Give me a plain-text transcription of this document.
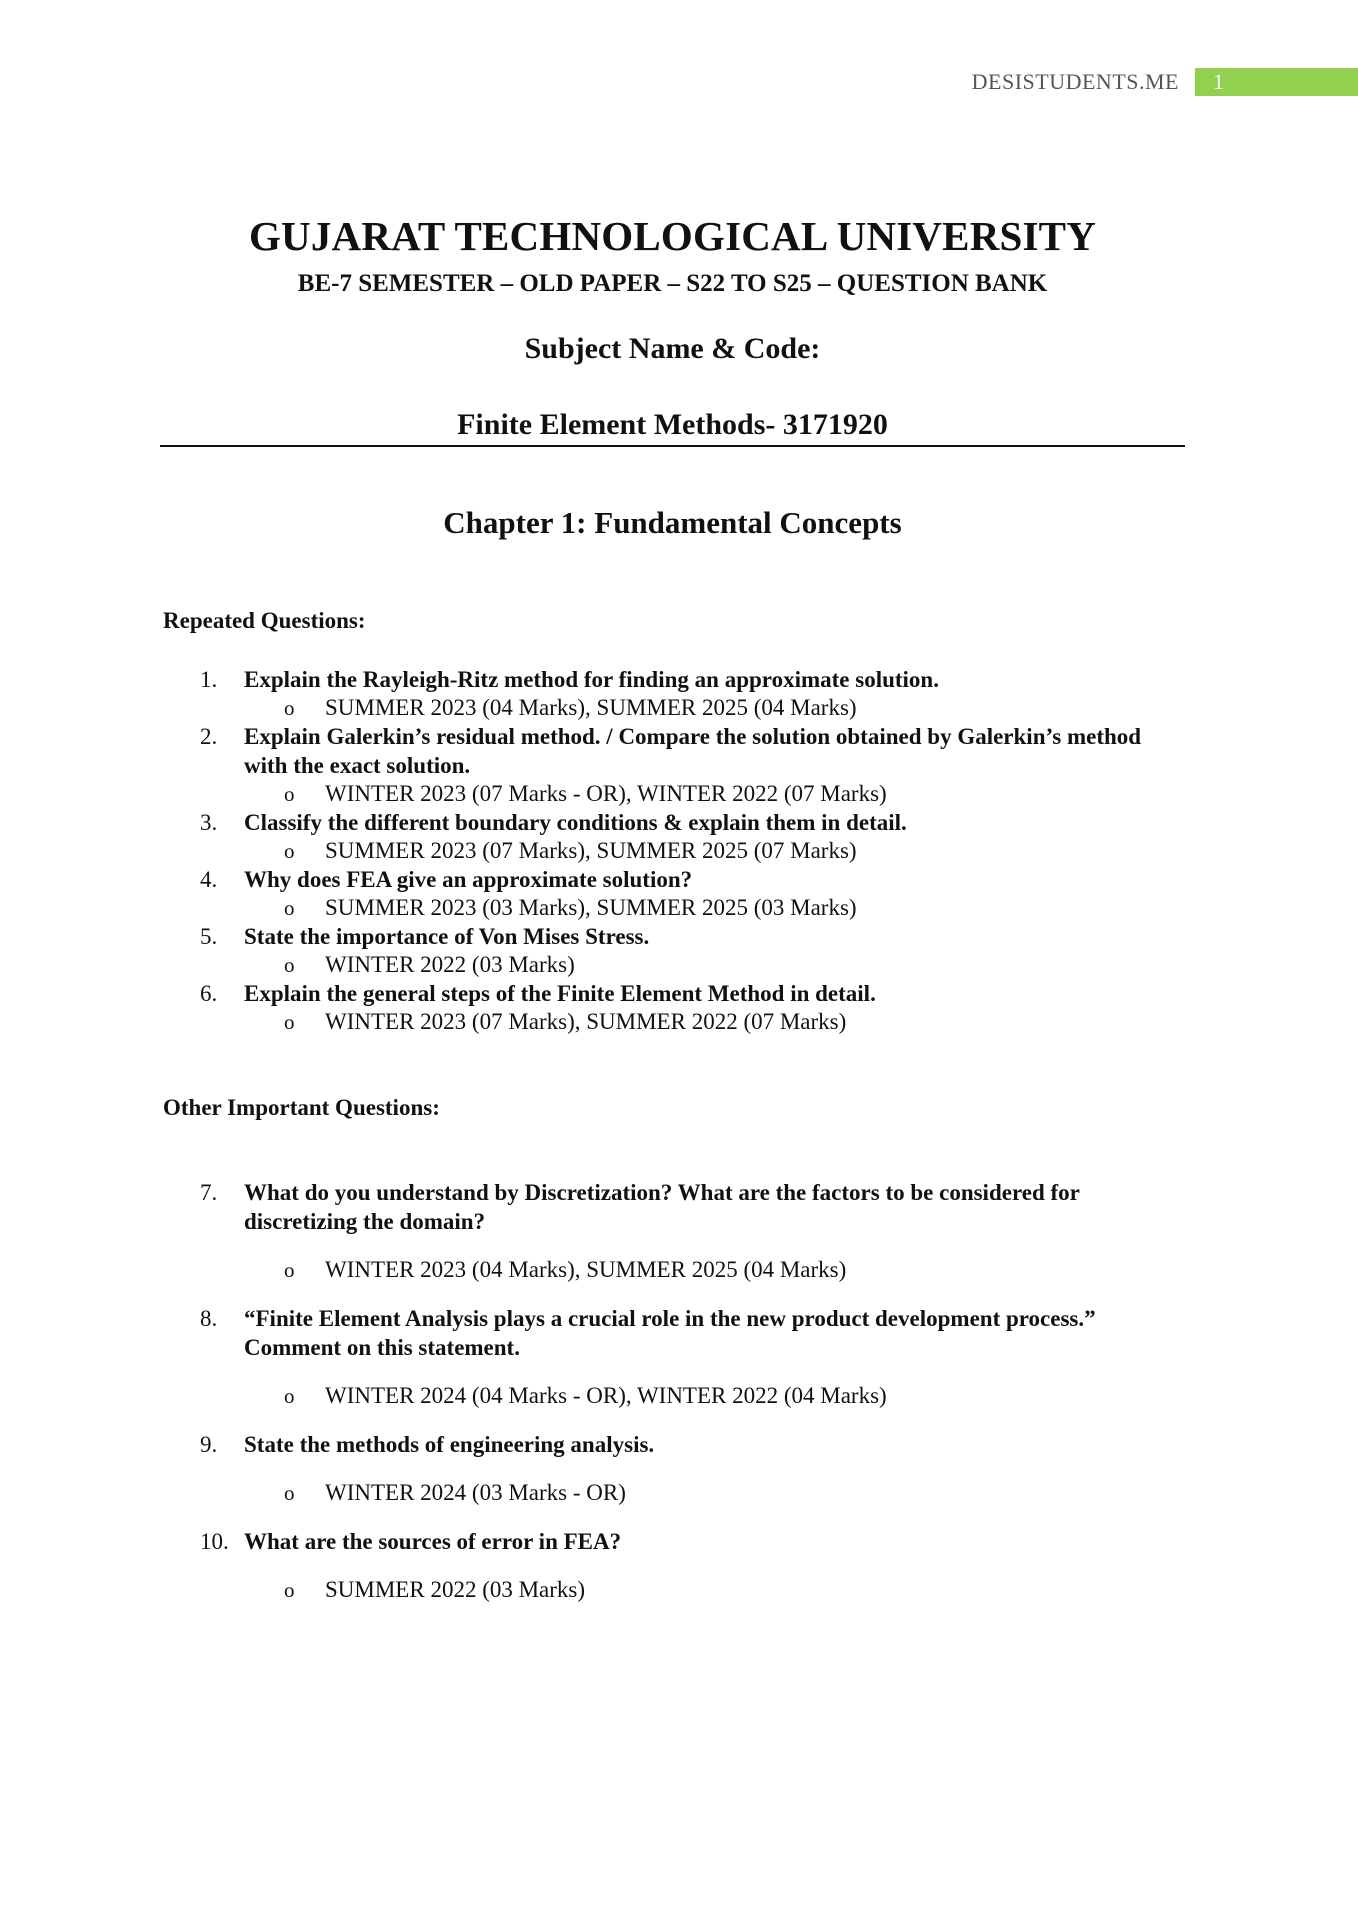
DESISTUDENTS.ME 1
GUJARAT TECHNOLOGICAL UNIVERSITY
BE-7 SEMESTER – OLD PAPER – S22 TO S25 – QUESTION BANK
Subject Name & Code:
Finite Element Methods- 3171920
Chapter 1: Fundamental Concepts
Repeated Questions:
1.	Explain the Rayleigh-Ritz method for finding an approximate solution.
o SUMMER 2023 (04 Marks), SUMMER 2025 (04 Marks)
2.	Explain Galerkin’s residual method. / Compare the solution obtained by Galerkin’s method with the exact solution.
o WINTER 2023 (07 Marks - OR), WINTER 2022 (07 Marks)
3.	Classify the different boundary conditions & explain them in detail.
o SUMMER 2023 (07 Marks), SUMMER 2025 (07 Marks)
4.	Why does FEA give an approximate solution?
o SUMMER 2023 (03 Marks), SUMMER 2025 (03 Marks)
5.	State the importance of Von Mises Stress.
o WINTER 2022 (03 Marks)
6.	Explain the general steps of the Finite Element Method in detail.
o WINTER 2023 (07 Marks), SUMMER 2022 (07 Marks)
Other Important Questions:
7.	What do you understand by Discretization? What are the factors to be considered for discretizing the domain?
o WINTER 2023 (04 Marks), SUMMER 2025 (04 Marks)
8.	“Finite Element Analysis plays a crucial role in the new product development process.” Comment on this statement.
o WINTER 2024 (04 Marks - OR), WINTER 2022 (04 Marks)
9.	State the methods of engineering analysis.
o WINTER 2024 (03 Marks - OR)
10. What are the sources of error in FEA?
o SUMMER 2022 (03 Marks)
